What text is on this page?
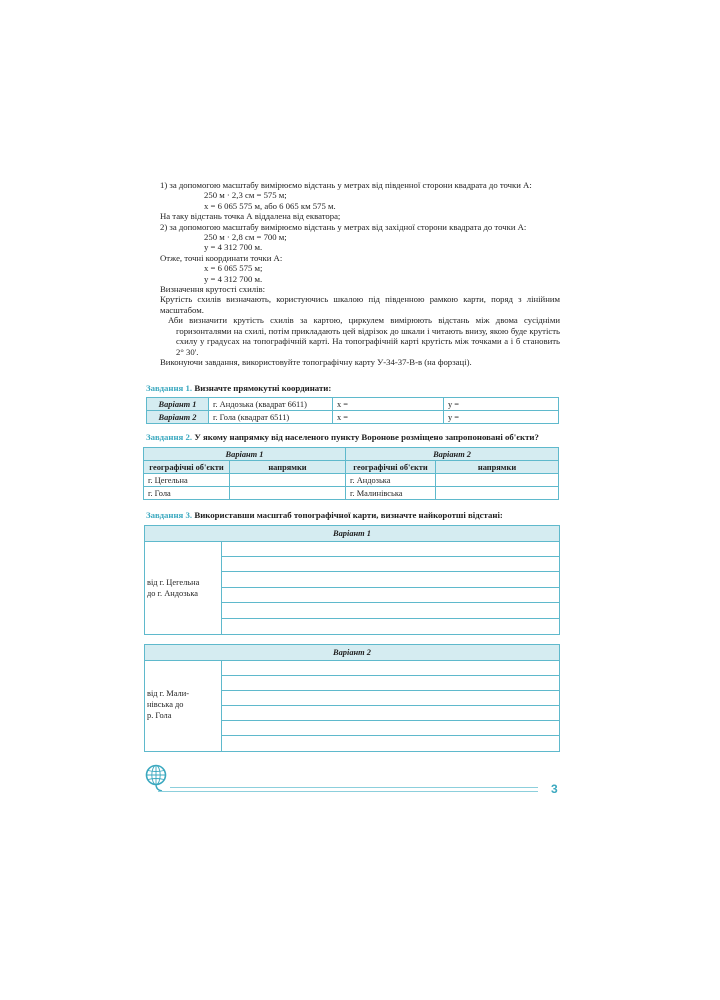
1) за допомогою масштабу вимірюємо відстань у метрах від південної сторони квадрата до точки А:

250 м · 2,3 см = 575 м;

x = 6 065 575 м, або 6 065 км 575 м.

На таку відстань точка А віддалена від екватора;

2) за допомогою масштабу вимірюємо відстань у метрах від західної сторони квадрата до точки А:

250 м · 2,8 см = 700 м;

y = 4 312 700 м.

Отже, точні координати точки А:

x = 6 065 575 м;

y = 4 312 700 м.

Визначення крутості схилів:

Крутість схилів визначають, користуючись шкалою під південною рамкою карти, поряд з лінійним масштабом.

Аби визначити крутість схилів за картою, циркулем вимірюють відстань між двома сусідніми горизонталями на схилі, потім прикладають цей відрізок до шкали і читають внизу, якою буде крутість схилу у градусах на топографічній карті. На топографічній карті крутість між точками а і б становить 2° 30'.

Виконуючи завдання, використовуйте топографічну карту У-34-37-В-в (на форзаці).

Завдання 1. Визначте прямокутні координати:
Варіант 1	г. Андозька (квадрат 6611)	x =	y =
Варіант 2	г. Гола (квадрат 6511)	x =	y =
Завдання 2. У якому напрямку від населеного пункту Воронове розміщено запропоновані об'єкти?
Варіант 1		Варіант 2	
географічні об'єкти	напрямки	географічні об'єкти	напрямки
г. Цегельна		г. Андозька	
г. Гола		г. Малинівська	
Завдання 3. Використавши масштаб топографічної карти, визначте найкоротші відстані:
Варіант 1
від г. Цегельна
до г. Андозька
Варіант 2
від г. Мали-
нівська до
р. Гола
3
